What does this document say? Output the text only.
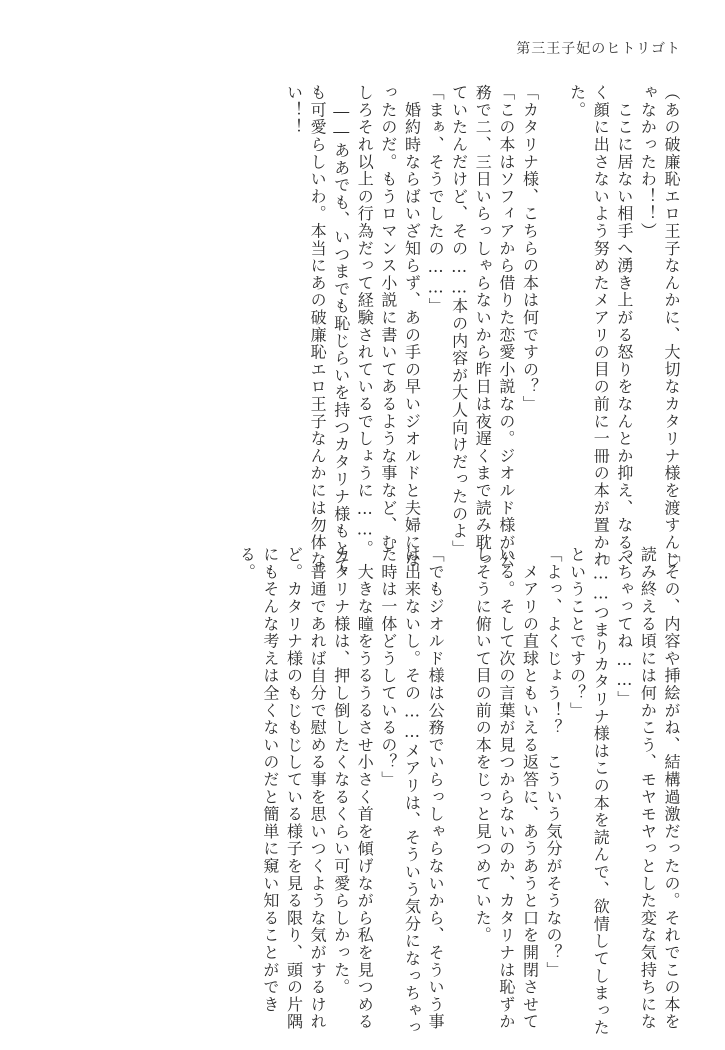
第三王子妃のヒトリゴト
（あの破廉恥エロ王子なんかに、大切なカタリナ様を渡すんじ
ゃなかったわ！！）
　ここに居ない相手へ湧き上がる怒りをなんとか抑え、なるべ
く顔に出さないよう努めたメアリの目の前に一冊の本が置かれ
た。

「カタリナ様、こちらの本は何ですの？」
「この本はソフィアから借りた恋愛小説なの。ジオルド様が公
務で二、三日いらっしゃらないから昨日は夜遅くまで読み耽っ
ていたんだけど、その……本の内容が大人向けだったのよ」
「まぁ、そうでしたの……」
　婚約時ならばいざ知らず、あの手の早いジオルドと夫婦にな
ったのだ。もうロマンス小説に書いてあるような事など、む
しろそれ以上の行為だって経験されているでしょうに……。
　――ああでも、いつまでも恥じらいを持つカタリナ様もとて
も可愛らしいわ。本当にあの破廉恥エロ王子なんかには勿体な
い！！
「その、内容や挿絵がね、結構過激だったの。それでこの本を
読み終える頃には何かこう、モヤモヤっとした変な気持ちにな
っちゃってね……」
「……つまりカタリナ様はこの本を読んで、欲情してしまった
ということですの？」
「よっ、よくじょう！？　こういう気分がそうなの？」
　メアリの直球ともいえる返答に、あうあうと口を開閉させて
いる。そして次の言葉が見つからないのか、カタリナは恥ずか
しそうに俯いて目の前の本をじっと見つめていた。

「でもジオルド様は公務でいらっしゃらないから、そういう事
は出来ないし。その……メアリは、そういう気分になっちゃっ
た時は一体どうしているの？」
　大きな瞳をうるうるさせ小さく首を傾げながら私を見つめる
カタリナ様は、押し倒したくなるくらい可愛らしかった。
　普通であれば自分で慰める事を思いつくような気がするけれ
ど。カタリナ様のもじもじしている様子を見る限り、頭の片隅
にもそんな考えは全くないのだと簡単に窺い知ることができ
る。
